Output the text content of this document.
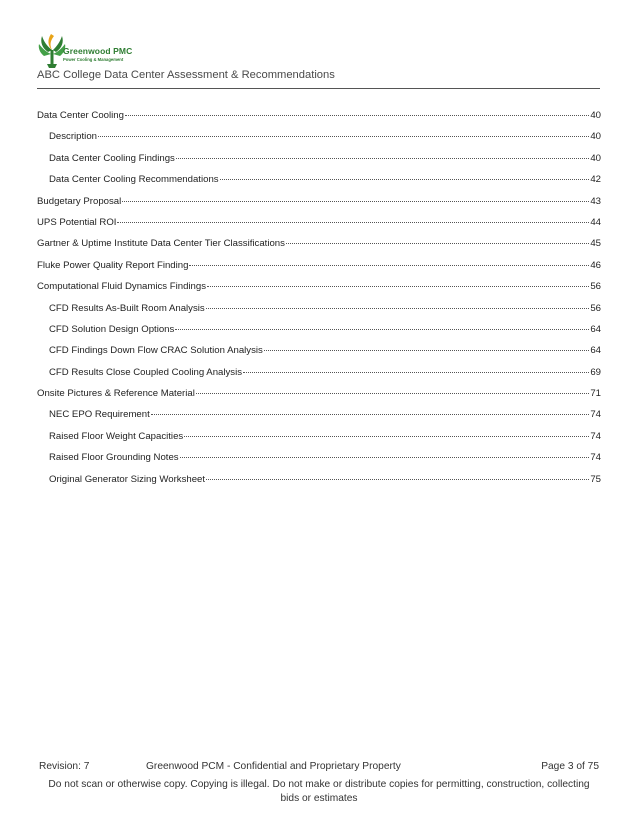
Greenwood PMC
Power Cooling & Management
ABC College Data Center Assessment & Recommendations
Data Center Cooling	40
Description	40
Data Center Cooling Findings	40
Data Center Cooling Recommendations	42
Budgetary Proposal	43
UPS Potential ROI	44
Gartner & Uptime Institute Data Center Tier Classifications	45
Fluke Power Quality Report Finding	46
Computational Fluid Dynamics Findings	56
CFD Results As-Built Room Analysis	56
CFD Solution Design Options	64
CFD Findings Down Flow CRAC Solution Analysis	64
CFD Results Close Coupled Cooling Analysis	69
Onsite Pictures & Reference Material	71
NEC EPO Requirement	74
Raised Floor Weight Capacities	74
Raised Floor Grounding Notes	74
Original Generator Sizing Worksheet	75
Revision: 7	Greenwood PCM - Confidential and Proprietary Property	Page 3 of 75
Do not scan or otherwise copy. Copying is illegal. Do not make or distribute copies for permitting, construction, collecting bids or estimates
